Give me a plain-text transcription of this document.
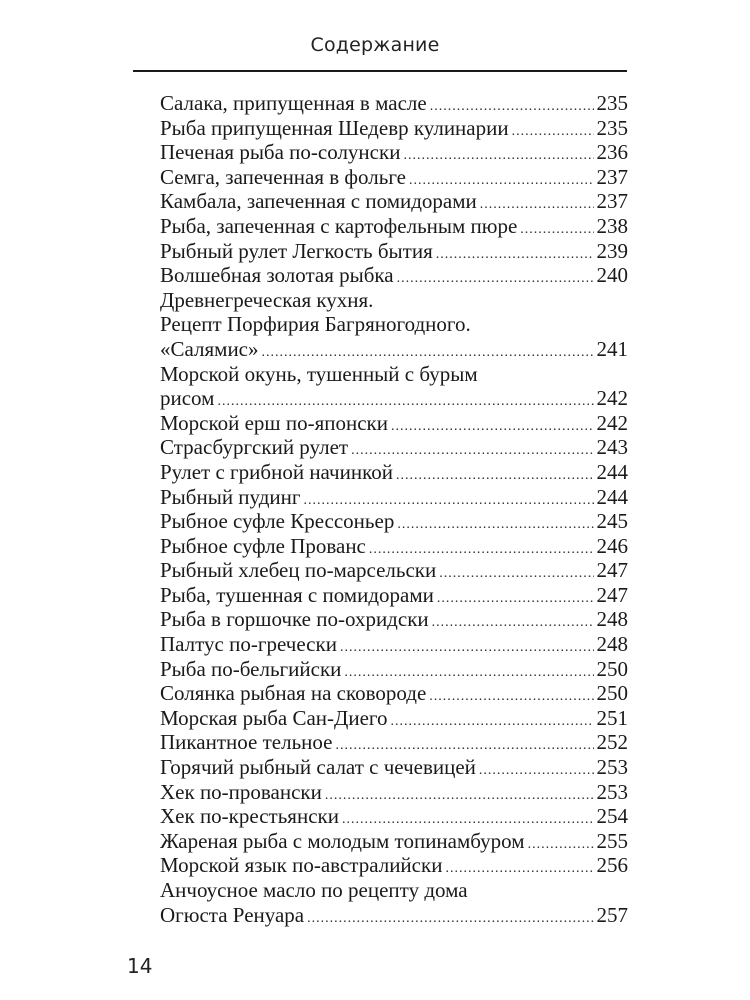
Содержание
Салака, припущенная в масле .....	235
Рыба припущенная Шедевр кулинарии .....	235
Печеная рыба по-солунски .....	236
Семга, запеченная в фольге .....	237
Камбала, запеченная с помидорами .....	237
Рыба, запеченная с картофельным пюре .....	238
Рыбный рулет Легкость бытия .....	239
Волшебная золотая рыбка .....	240
Древнегреческая кухня.
Рецепт Порфирия Багряногодного.
«Салямис» .....	241
Морской окунь, тушенный с бурым
рисом .....	242
Морской ерш по-японски .....	242
Страсбургский рулет .....	243
Рулет с грибной начинкой .....	244
Рыбный пудинг .....	244
Рыбное суфле Крессоньер .....	245
Рыбное суфле Прованс .....	246
Рыбный хлебец по-марсельски .....	247
Рыба, тушенная с помидорами .....	247
Рыба в горшочке по-охридски .....	248
Палтус по-гречески .....	248
Рыба по-бельгийски .....	250
Солянка рыбная на сковороде .....	250
Морская рыба Сан-Диего .....	251
Пикантное тельное .....	252
Горячий рыбный салат с чечевицей .....	253
Хек по-провански .....	253
Хек по-крестьянски .....	254
Жареная рыба с молодым топинамбуром .....	255
Морской язык по-австралийски .....	256
Анчоусное масло по рецепту дома
Огюста Ренуара .....	257
14
